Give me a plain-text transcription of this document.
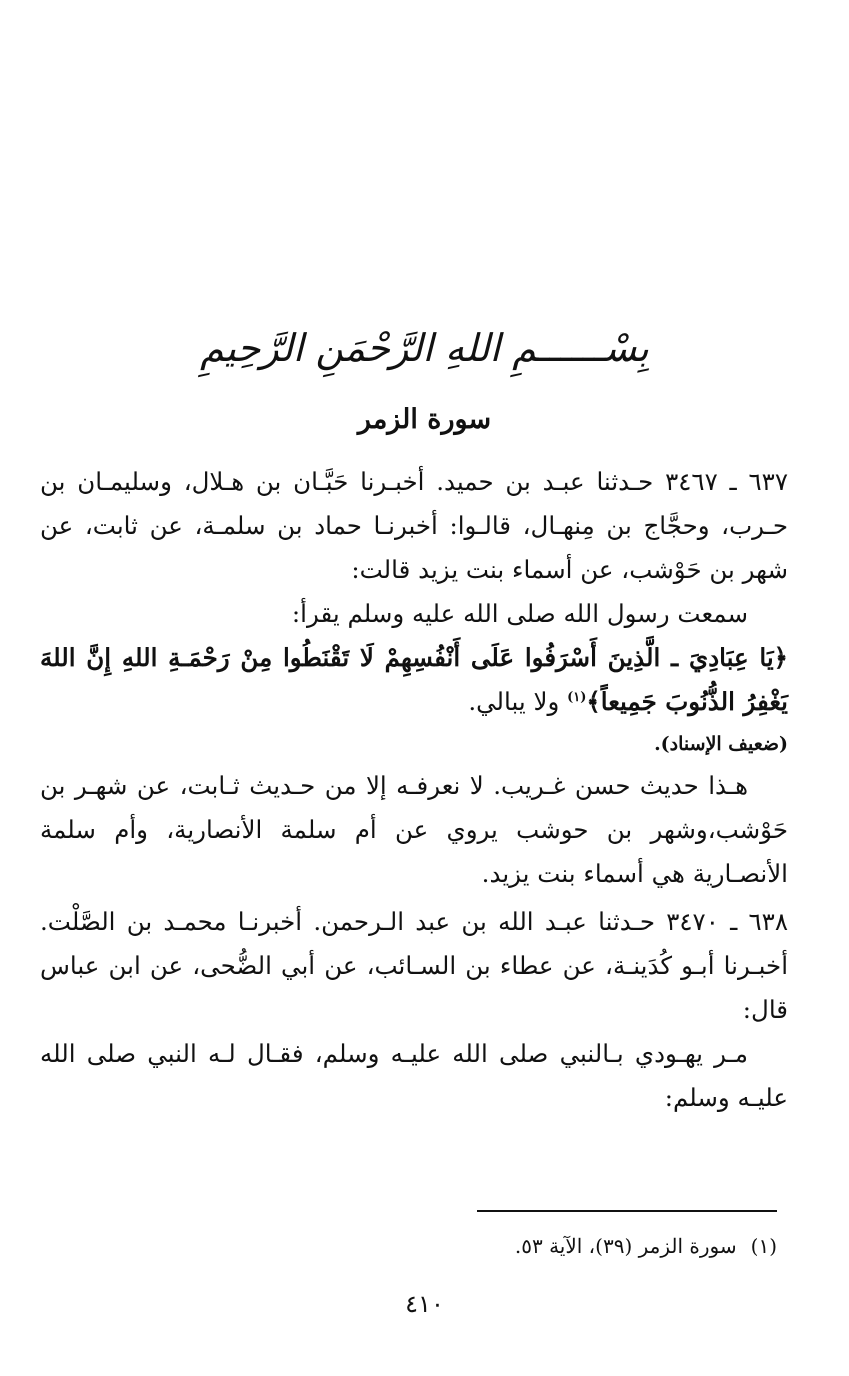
بِسْــــــمِ اللهِ الرَّحْمَنِ الرَّحِيمِ
سورة الزمر

٦٣٧ ـ ٣٤٦٧ حـدثنا عبـد بن حميد. أخبـرنا حَبَّـان بن هـلال، وسليمـان بن حـرب، وحجَّاج بن مِنهـال، قالـوا: أخبرنـا حماد بن سلمـة، عن ثابت، عن شهر بن حَوْشب، عن أسماء بنت يزيد قالت:

سمعت رسول الله صلى الله عليه وسلم يقرأ:

﴿يَا عِبَادِيَ ـ الَّذِينَ أَسْرَفُوا عَلَى أَنْفُسِهِمْ لَا تَقْنَطُوا مِنْ رَحْمَـةِ اللهِ إِنَّ اللهَ يَغْفِرُ الذُّنُوبَ جَمِيعاً﴾$^{(١)}$ ولا يبالي.

(ضعيف الإسناد).

هـذا حديث حسن غـريب. لا نعرفـه إلا من حـديث ثـابت، عن شهـر بن حَوْشب،وشهر بن حوشب يروي عن أم سلمة الأنصارية، وأم سلمة الأنصـارية هي أسماء بنت يزيد.

٦٣٨ ـ ٣٤٧٠ حـدثنا عبـد الله بن عبد الـرحمن. أخبرنـا محمـد بن الصَّلْت. أخبـرنا أبـو كُدَينـة، عن عطاء بن السـائب، عن أبي الضُّحى، عن ابن عباس قال:

مـر يهـودي بـالنبي صلى الله عليـه وسلم، فقـال لـه النبي صلى الله عليـه وسلم:

(١)سورة الزمر (٣٩)، الآية ٥٣.
٤١٠
